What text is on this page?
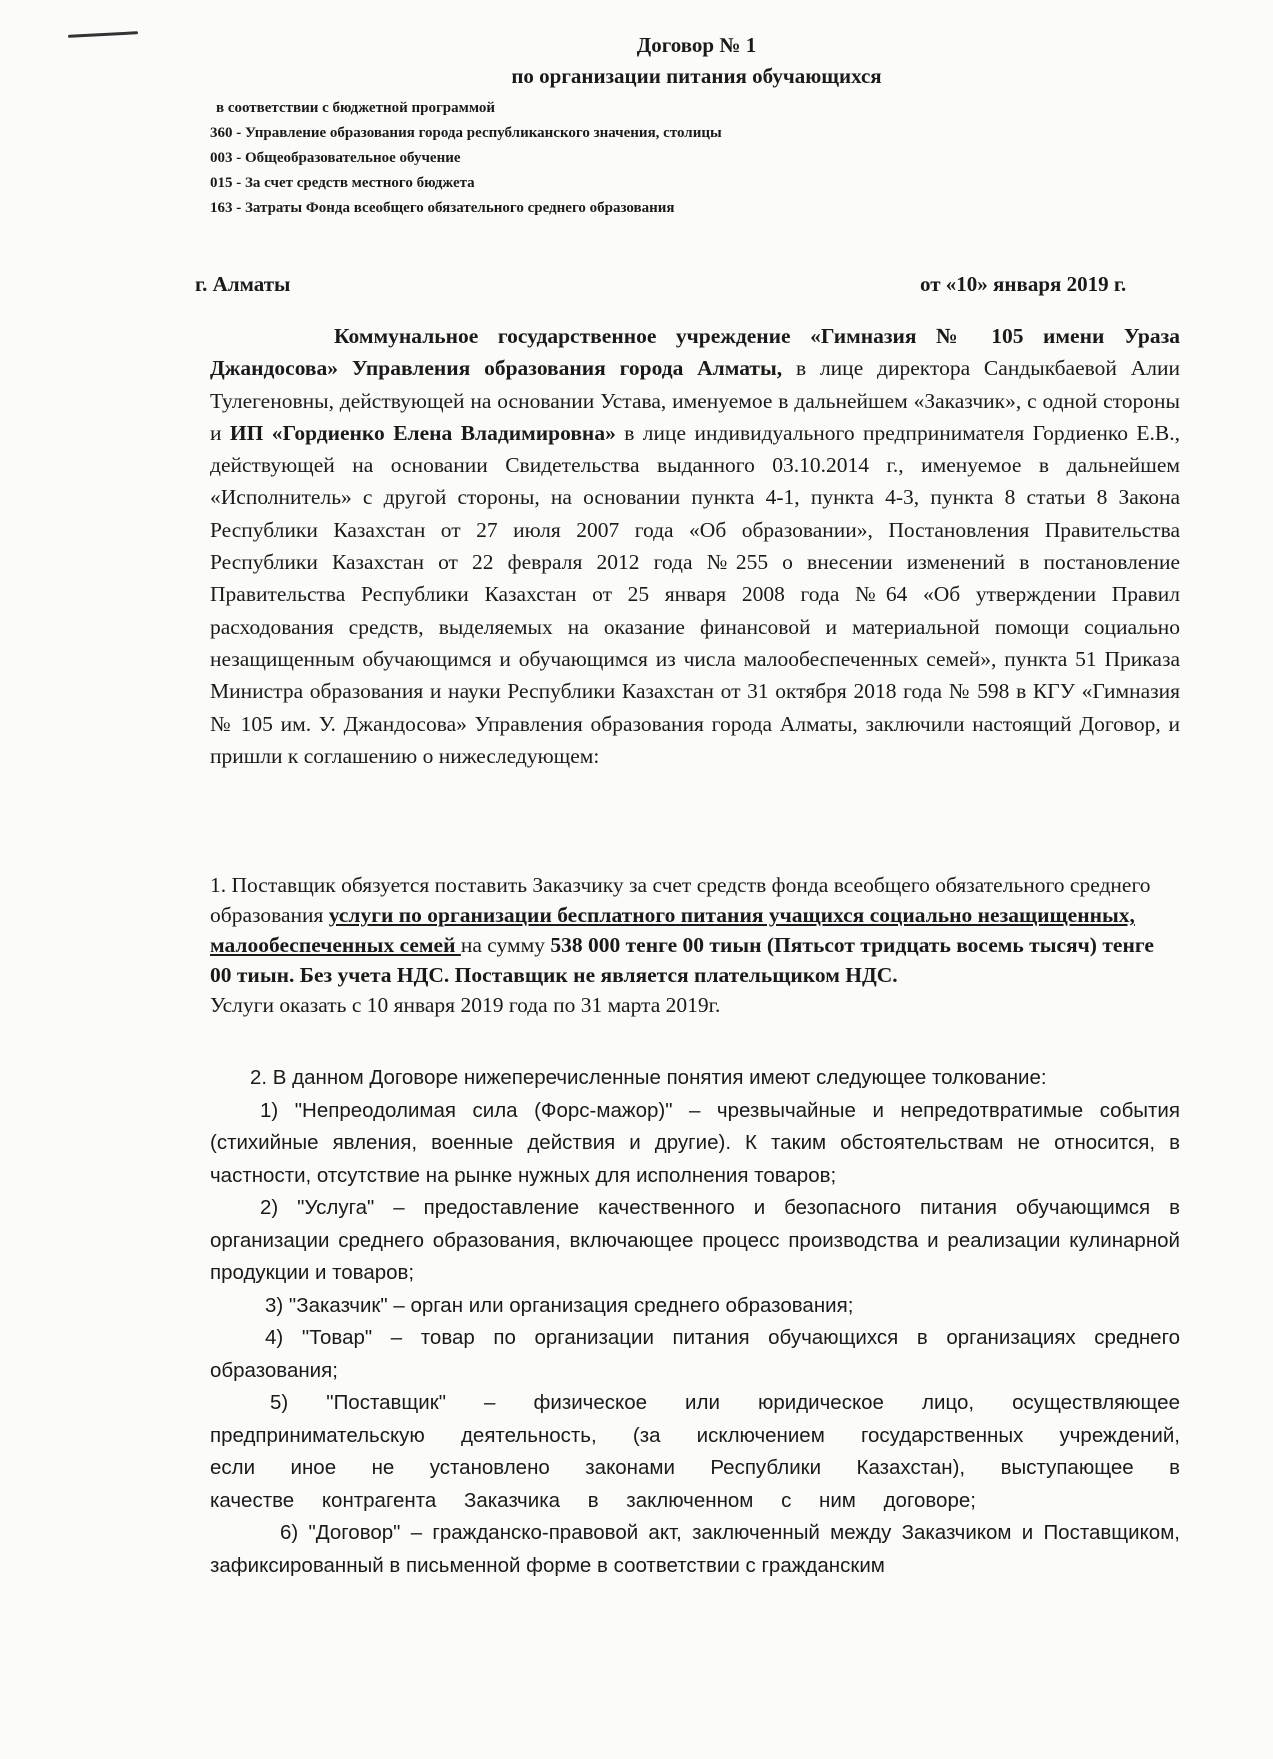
Договор № 1
по организации питания обучающихся
в соответствии с бюджетной программой
360 - Управление образования города республиканского значения, столицы
003 - Общеобразовательное обучение
015 - За счет средств местного бюджета
163 - Затраты Фонда всеобщего обязательного среднего образования
г. Алматы	от «10» января 2019 г.
Коммунальное государственное учреждение «Гимназия № 105 имени Ураза Джандосова» Управления образования города Алматы, в лице директора Сандыкбаевой Алии Тулегеновны, действующей на основании Устава, именуемое в дальнейшем «Заказчик», с одной стороны и ИП «Гордиенко Елена Владимировна» в лице индивидуального предпринимателя Гордиенко Е.В., действующей на основании Свидетельства выданного 03.10.2014 г., именуемое в дальнейшем «Исполнитель» с другой стороны, на основании пункта 4-1, пункта 4-3, пункта 8 статьи 8 Закона Республики Казахстан от 27 июля 2007 года «Об образовании», Постановления Правительства Республики Казахстан от 22 февраля 2012 года №255 о внесении изменений в постановление Правительства Республики Казахстан от 25 января 2008 года №64 «Об утверждении Правил расходования средств, выделяемых на оказание финансовой и материальной помощи социально незащищенным обучающимся и обучающимся из числа малообеспеченных семей», пункта 51 Приказа Министра образования и науки Республики Казахстан от 31 октября 2018 года № 598 в КГУ «Гимназия № 105 им. У. Джандосова» Управления образования города Алматы, заключили настоящий Договор, и пришли к соглашению о нижеследующем:
1. Поставщик обязуется поставить Заказчику за счет средств фонда всеобщего обязательного среднего образования услуги по организации бесплатного питания учащихся социально незащищенных, малообеспеченных семей на сумму 538 000 тенге 00 тиын (Пятьсот тридцать восемь тысяч) тенге 00 тиын. Без учета НДС. Поставщик не является плательщиком НДС.
Услуги оказать с 10 января 2019 года по 31 марта 2019г.

2. В данном Договоре нижеперечисленные понятия имеют следующее толкование:

1) "Непреодолимая сила (Форс-мажор)" – чрезвычайные и непредотвратимые события (стихийные явления, военные действия и другие). К таким обстоятельствам не относится, в частности, отсутствие на рынке нужных для исполнения товаров;

2) "Услуга" – предоставление качественного и безопасного питания обучающимся в организации среднего образования, включающее процесс производства и реализации кулинарной продукции и товаров;

3) "Заказчик" – орган или организация среднего образования;

4) "Товар" – товар по организации питания обучающихся в организациях среднего образования;

5) "Поставщик" – физическое или юридическое лицо, осуществляющее предпринимательскую деятельность, (за исключением государственных учреждений, если иное не установлено законами Республики Казахстан), выступающее в качестве контрагента Заказчика в заключенном с ним договоре;

6) "Договор" – гражданско-правовой акт, заключенный между Заказчиком и Поставщиком, зафиксированный в письменной форме в соответствии с гражданским
